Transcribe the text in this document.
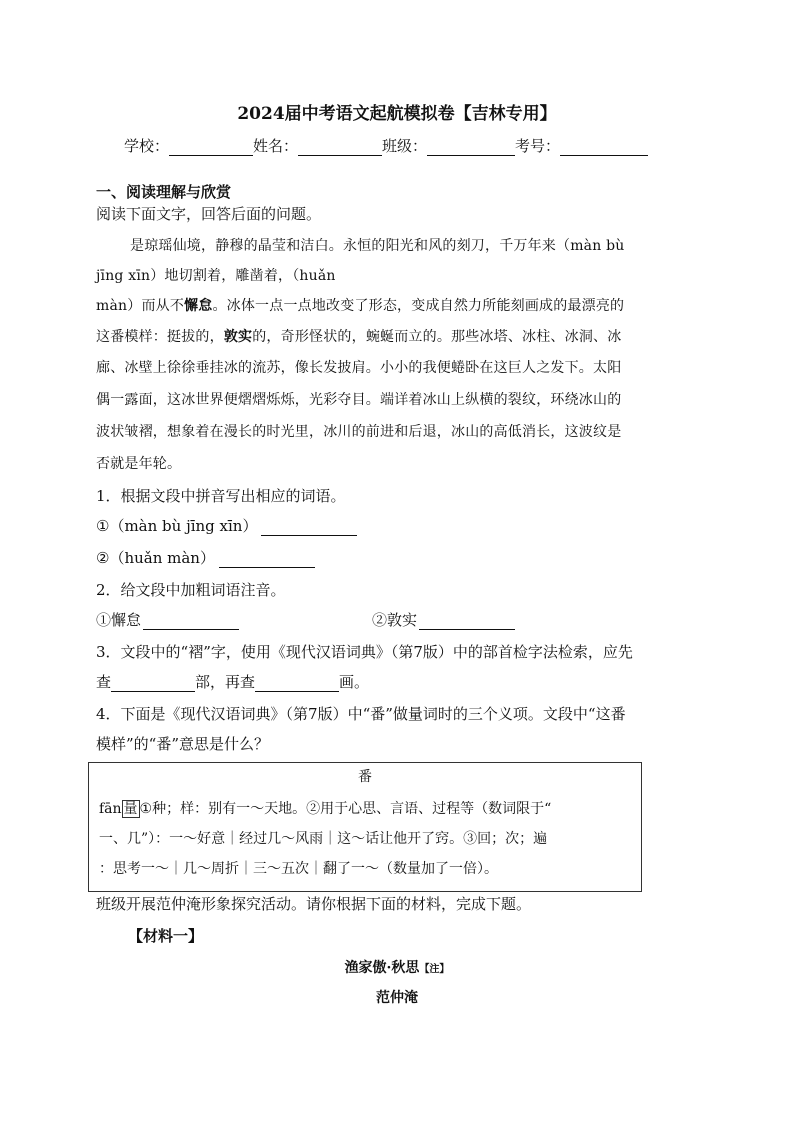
2024届中考语文起航模拟卷【吉林专用】
学校：	姓名：	班级：	考号：
一、阅读理解与欣赏
阅读下面文字，回答后面的问题。
是琼瑶仙境，静穆的晶莹和洁白。永恒的阳光和风的刻刀，千万年来（màn bù
jīng xīn）地切割着，雕凿着，（huǎn
màn）而从不懈怠。冰体一点一点地改变了形态，变成自然力所能刻画成的最漂亮的
这番模样：挺拔的，敦实的，奇形怪状的，蜿蜒而立的。那些冰塔、冰柱、冰洞、冰
廊、冰壁上徐徐垂挂冰的流苏，像长发披肩。小小的我便蜷卧在这巨人之发下。太阳
偶一露面，这冰世界便熠熠烁烁，光彩夺目。端详着冰山上纵横的裂纹，环绕冰山的
波状皱褶，想象着在漫长的时光里，冰川的前进和后退，冰山的高低消长，这波纹是
否就是年轮。
1．根据文段中拼音写出相应的词语。
①（màn bù jīng xīn）
②（huǎn màn）
2．给文段中加粗词语注音。
①懈怠	②敦实
3．文段中的“褶”字，使用《现代汉语词典》（第7版）中的部首检字法检索，应先
查	部，再查	画。
4．下面是《现代汉语词典》（第7版）中“番”做量词时的三个义项。文段中“这番
模样”的“番”意思是什么？
番
fān 量 ①种；样：别有一～天地。②用于心思、言语、过程等（数词限于“
一、几”）：一～好意｜经过几～风雨｜这～话让他开了窍。③回；次；遍
：思考一～｜几～周折｜三～五次｜翻了一～（数量加了一倍）。
班级开展范仲淹形象探究活动。请你根据下面的材料，完成下题。
【材料一】
渔家傲·秋思【注】
范仲淹
